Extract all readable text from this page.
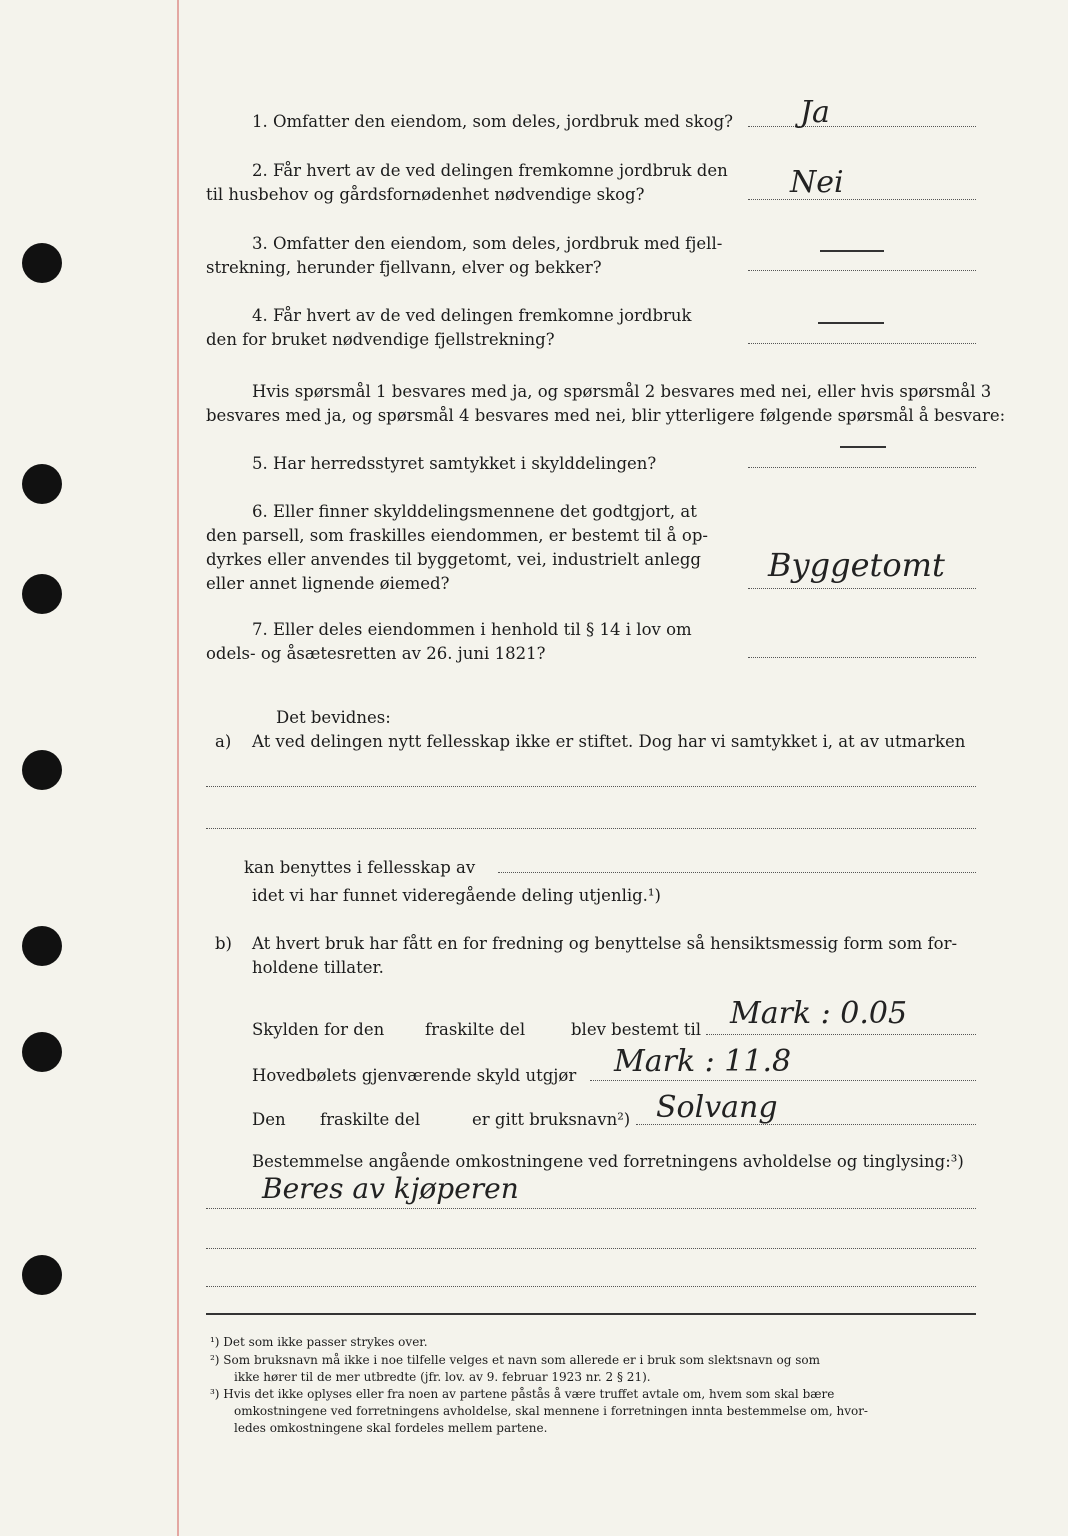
1. Omfatter den eiendom, som deles, jordbruk med skog? Ja
2. Får hvert av de ved delingen fremkomne jordbruk den
til husbehov og gårdsfornødenhet nødvendige skog?	Nei
3. Omfatter den eiendom, som deles, jordbruk med fjell-
strekning, herunder fjellvann, elver og bekker?
4. Får hvert av de ved delingen fremkomne jordbruk
den for bruket nødvendige fjellstrekning?
Hvis spørsmål 1 besvares med ja, og spørsmål 2 besvares med nei, eller hvis spørsmål 3
besvares med ja, og spørsmål 4 besvares med nei, blir ytterligere følgende spørsmål å besvare:
5. Har herredsstyret samtykket i skylddelingen?
6. Eller finner skylddelingsmennene det godtgjort, at
den parsell, som fraskilles eiendommen, er bestemt til å op-
dyrkes eller anvendes til byggetomt, vei, industrielt anlegg
eller annet lignende øiemed?	Byggetomt
7. Eller deles eiendommen i henhold til § 14 i lov om
odels- og åsætesretten av 26. juni 1821?
Det bevidnes:
a) At ved delingen nytt fellesskap ikke er stiftet. Dog har vi samtykket i, at av utmarken
kan benyttes i fellesskap av
idet vi har funnet videregående deling utjenlig.¹)
b) At hvert bruk har fått en for fredning og benyttelse så hensiktsmessig form som for-
holdene tillater.
Skylden for den fraskilte del	blev bestemt til Mark : 0.05
Hovedbølets gjenværende skyld utgjør Mark : 11.8
Den fraskilte del	er gitt bruksnavn²) Solvang
Bestemmelse angående omkostningene ved forretningens avholdelse og tinglysing:³)
Beres av kjøperen
¹) Det som ikke passer strykes over.
²) Som bruksnavn må ikke i noe tilfelle velges et navn som allerede er i bruk som slektsnavn og som
ikke hører til de mer utbredte (jfr. lov. av 9. februar 1923 nr. 2 § 21).
³) Hvis det ikke oplyses eller fra noen av partene påstås å være truffet avtale om, hvem som skal bære
omkostningene ved forretningens avholdelse, skal mennene i forretningen innta bestemmelse om, hvor-
ledes omkostningene skal fordeles mellem partene.
